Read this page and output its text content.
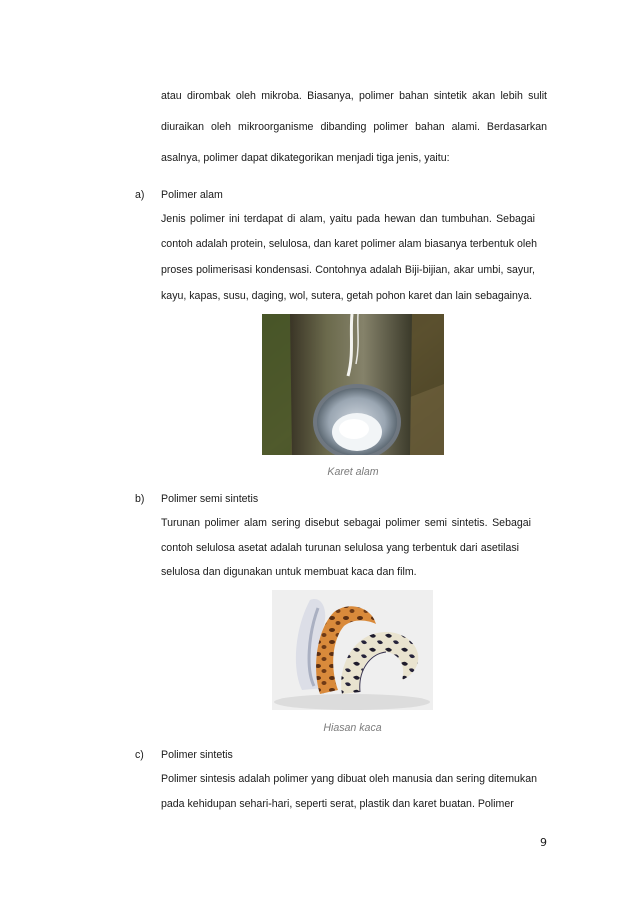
atau dirombak oleh mikroba. Biasanya, polimer bahan sintetik akan lebih sulit
diuraikan oleh mikroorganisme dibanding polimer bahan alami. Berdasarkan
asalnya, polimer dapat dikategorikan menjadi tiga jenis, yaitu:
a) Polimer alam
Jenis polimer ini terdapat di alam, yaitu pada hewan dan tumbuhan. Sebagai
contoh adalah protein, selulosa, dan karet polimer alam biasanya terbentuk oleh
proses polimerisasi kondensasi. Contohnya adalah Biji-bijian, akar umbi, sayur,
kayu, kapas, susu, daging, wol, sutera, getah pohon karet dan lain sebagainya.
Karet alam
b) Polimer semi sintetis
Turunan polimer alam sering disebut sebagai polimer semi sintetis. Sebagai
contoh selulosa asetat adalah turunan selulosa yang terbentuk dari asetilasi
selulosa dan digunakan untuk membuat kaca dan film.
Hiasan kaca
c) Polimer sintetis
Polimer sintesis adalah polimer yang dibuat oleh manusia dan sering ditemukan
pada kehidupan sehari-hari, seperti serat, plastik dan karet buatan. Polimer
9
